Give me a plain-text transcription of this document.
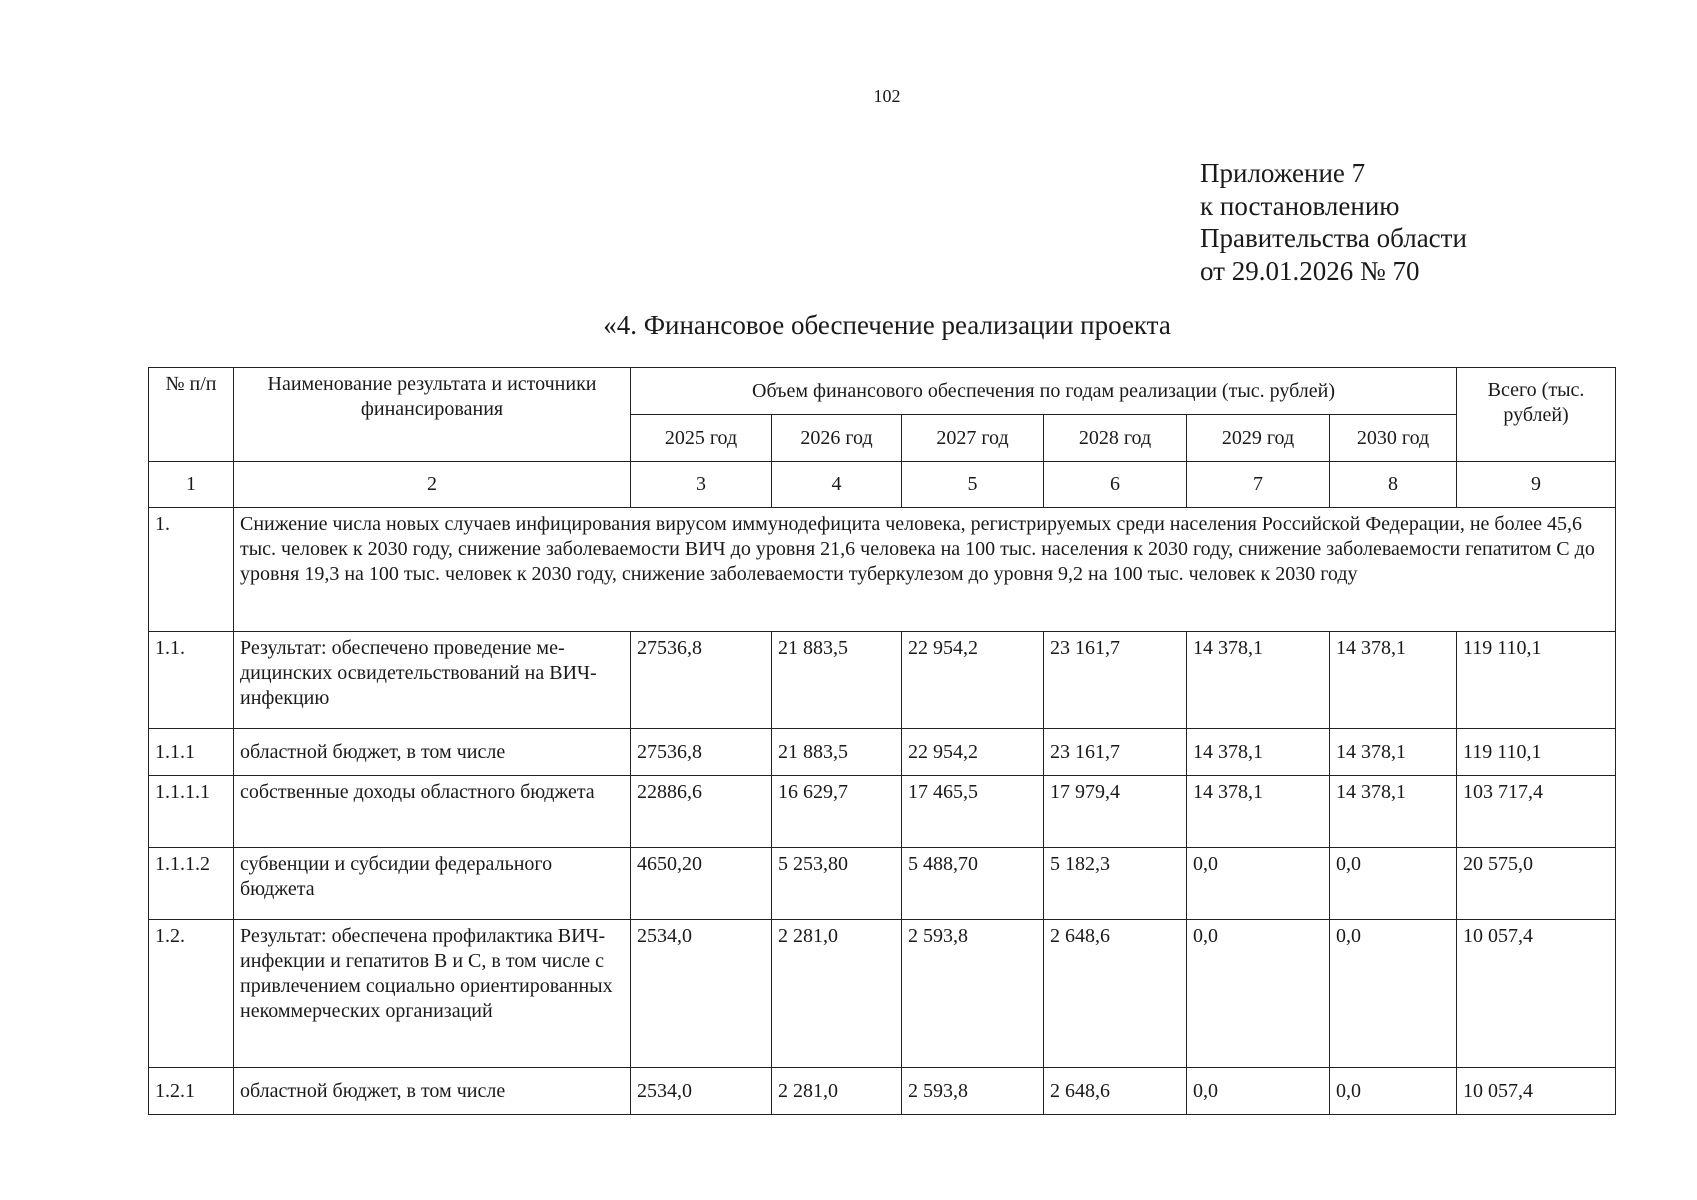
102
Приложение 7
к постановлению
Правительства области
от 29.01.2026 № 70
«4. Финансовое обеспечение реализации проекта
№ п/п	Наименование результата и источники финансирования	Объем финансового обеспечения по годам реализации (тыс. рублей)						Всего (тыс. рублей)
		2025 год	2026 год	2027 год	2028 год	2029 год	2030 год	
1	2	3	4	5	6	7	8	9
1.	Снижение числа новых случаев инфицирования вирусом иммунодефицита человека, регистрируемых среди населения Российской Федерации, не более 45,6 тыс. человек к 2030 году, снижение заболеваемости ВИЧ до уровня 21,6 человека на 100 тыс. населения к 2030 году, снижение заболеваемости гепатитом С до уровня 19,3 на 100 тыс. человек к 2030 году, снижение заболеваемости туберкулезом до уровня 9,2 на 100 тыс. человек к 2030 году							
1.1.	Результат: обеспечено проведение медицинских освидетельствований на ВИЧ-инфекцию	27536,8	21 883,5	22 954,2	23 161,7	14 378,1	14 378,1	119 110,1
1.1.1	областной бюджет, в том числе	27536,8	21 883,5	22 954,2	23 161,7	14 378,1	14 378,1	119 110,1
1.1.1.1	собственные доходы областного бюджета	22886,6	16 629,7	17 465,5	17 979,4	14 378,1	14 378,1	103 717,4
1.1.1.2	субвенции и субсидии федерального бюджета	4650,20	5 253,80	5 488,70	5 182,3	0,0	0,0	20 575,0
1.2.	Результат: обеспечена профилактика ВИЧ-инфекции и гепатитов В и С, в том числе с привлечением социально ориентированных некоммерческих организаций	2534,0	2 281,0	2 593,8	2 648,6	0,0	0,0	10 057,4
1.2.1	областной бюджет, в том числе	2534,0	2 281,0	2 593,8	2 648,6	0,0	0,0	10 057,4
